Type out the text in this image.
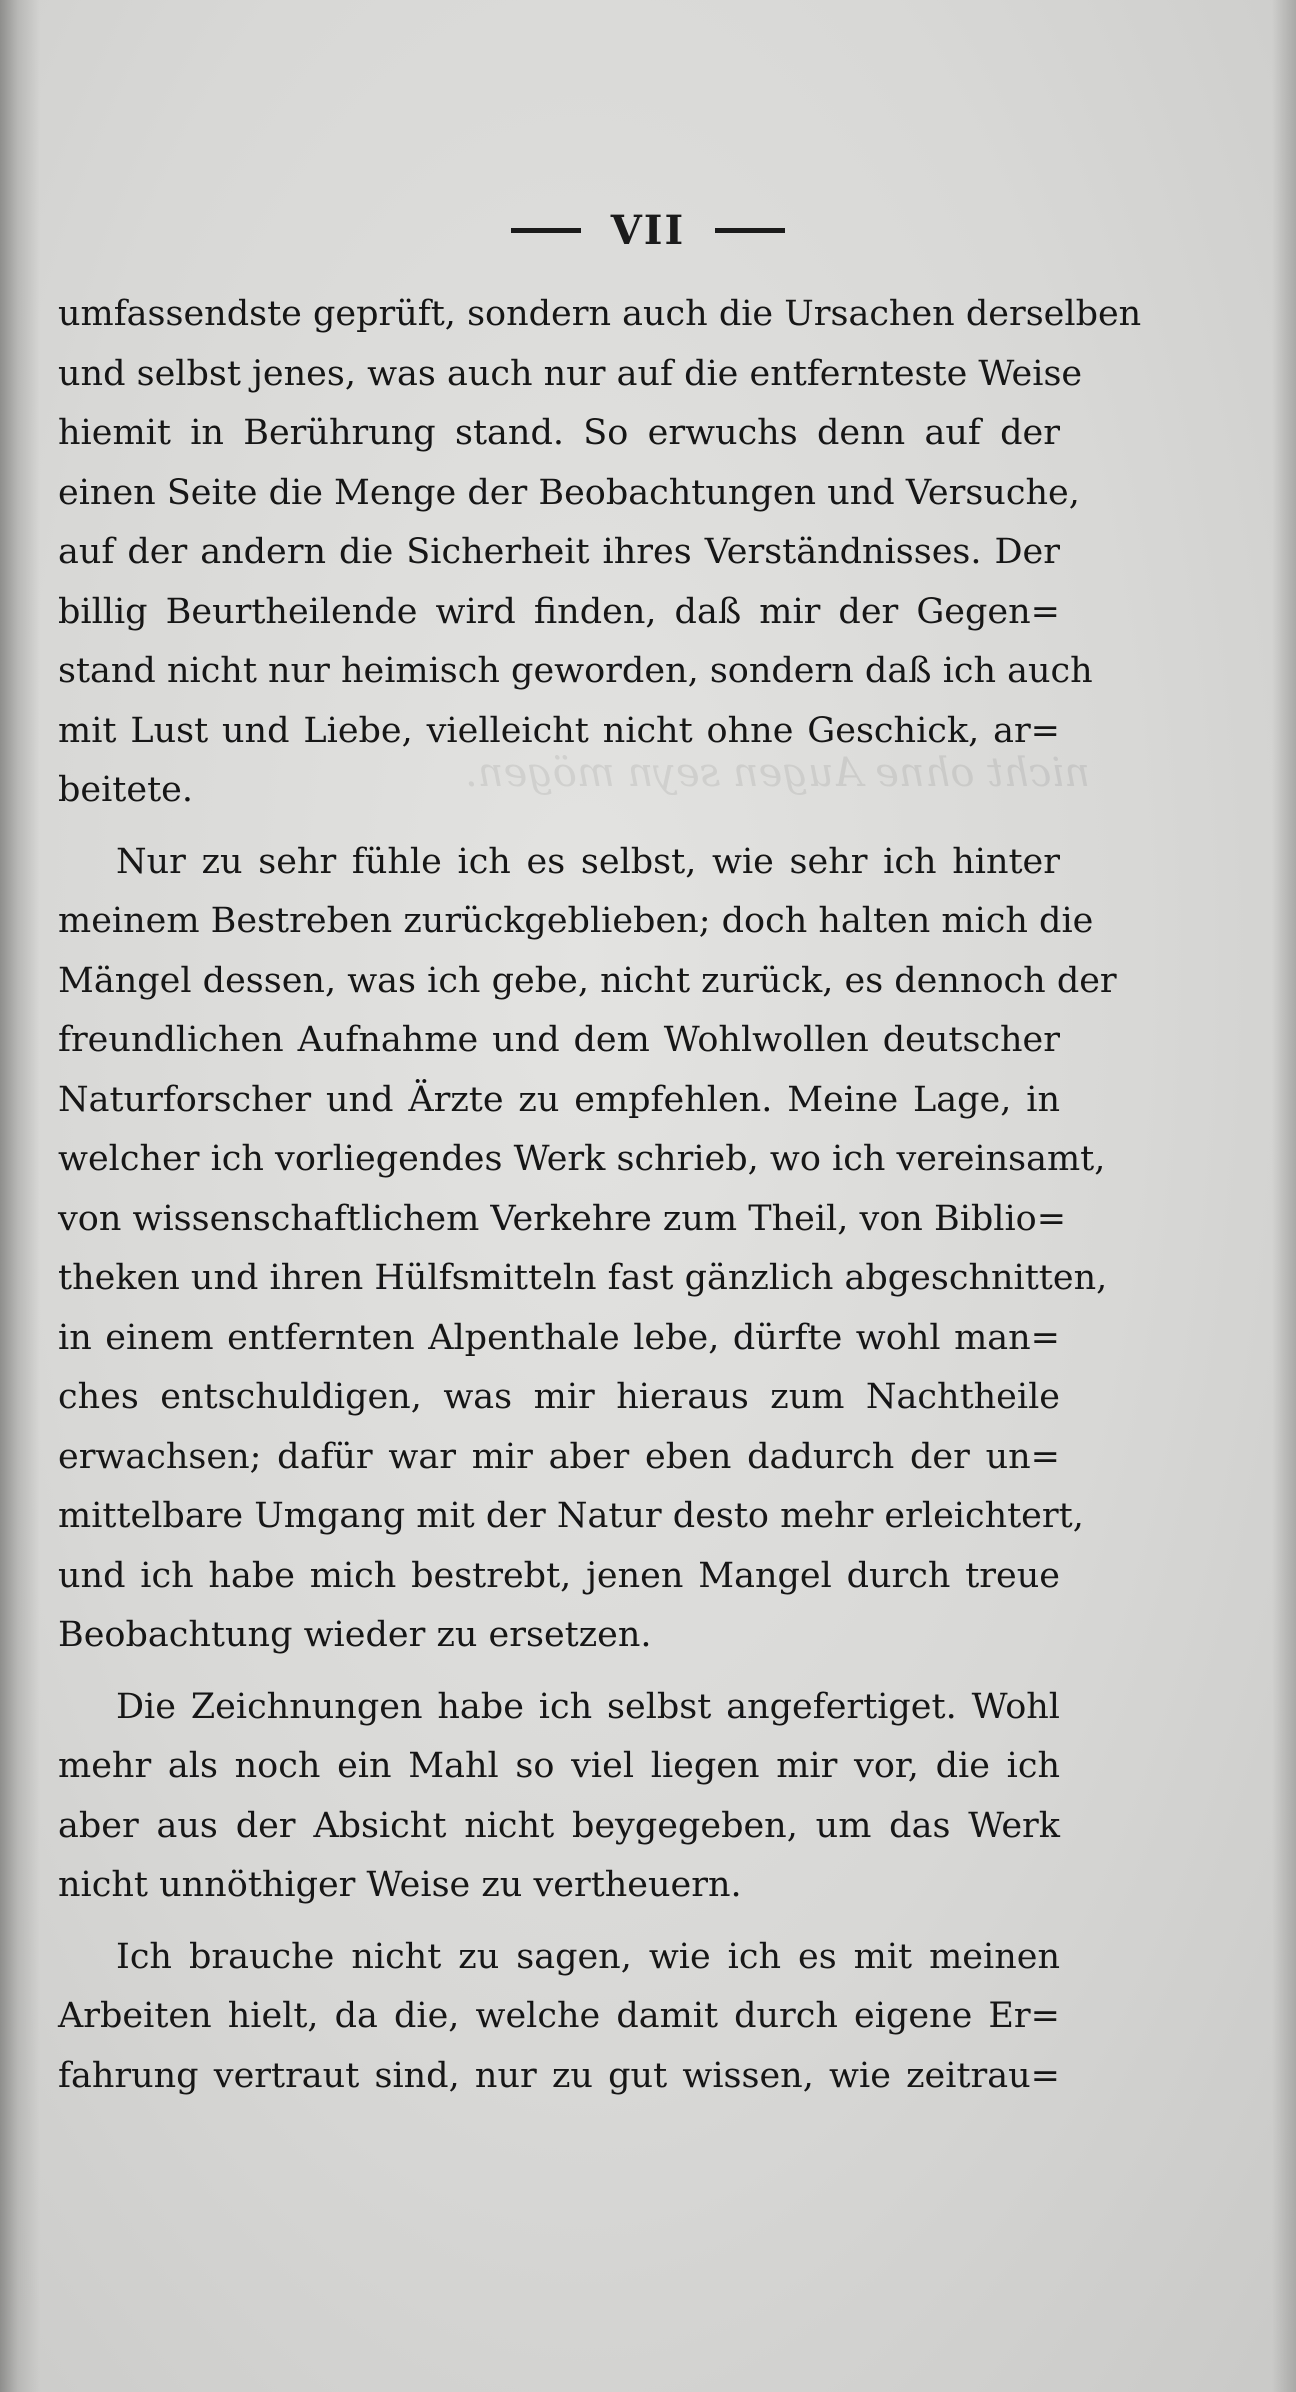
nicht ohne Augen seyn mögen.
VII
umfassendste geprüft, sondern auch die Ursachen derselben
und selbst jenes, was auch nur auf die entfernteste Weise
hiemit in Berührung stand. So erwuchs denn auf der
einen Seite die Menge der Beobachtungen und Versuche,
auf der andern die Sicherheit ihres Verständnisses. Der
billig Beurtheilende wird finden, daß mir der Gegen=
stand nicht nur heimisch geworden, sondern daß ich auch
mit Lust und Liebe, vielleicht nicht ohne Geschick, ar=
beitete.
Nur zu sehr fühle ich es selbst, wie sehr ich hinter
meinem Bestreben zurückgeblieben; doch halten mich die
Mängel dessen, was ich gebe, nicht zurück, es dennoch der
freundlichen Aufnahme und dem Wohlwollen deutscher
Naturforscher und Ärzte zu empfehlen. Meine Lage, in
welcher ich vorliegendes Werk schrieb, wo ich vereinsamt,
von wissenschaftlichem Verkehre zum Theil, von Biblio=
theken und ihren Hülfsmitteln fast gänzlich abgeschnitten,
in einem entfernten Alpenthale lebe, dürfte wohl man=
ches entschuldigen, was mir hieraus zum Nachtheile
erwachsen; dafür war mir aber eben dadurch der un=
mittelbare Umgang mit der Natur desto mehr erleichtert,
und ich habe mich bestrebt, jenen Mangel durch treue
Beobachtung wieder zu ersetzen.
Die Zeichnungen habe ich selbst angefertiget. Wohl
mehr als noch ein Mahl so viel liegen mir vor, die ich
aber aus der Absicht nicht beygegeben, um das Werk
nicht unnöthiger Weise zu vertheuern.
Ich brauche nicht zu sagen, wie ich es mit meinen
Arbeiten hielt, da die, welche damit durch eigene Er=
fahrung vertraut sind, nur zu gut wissen, wie zeitrau=
